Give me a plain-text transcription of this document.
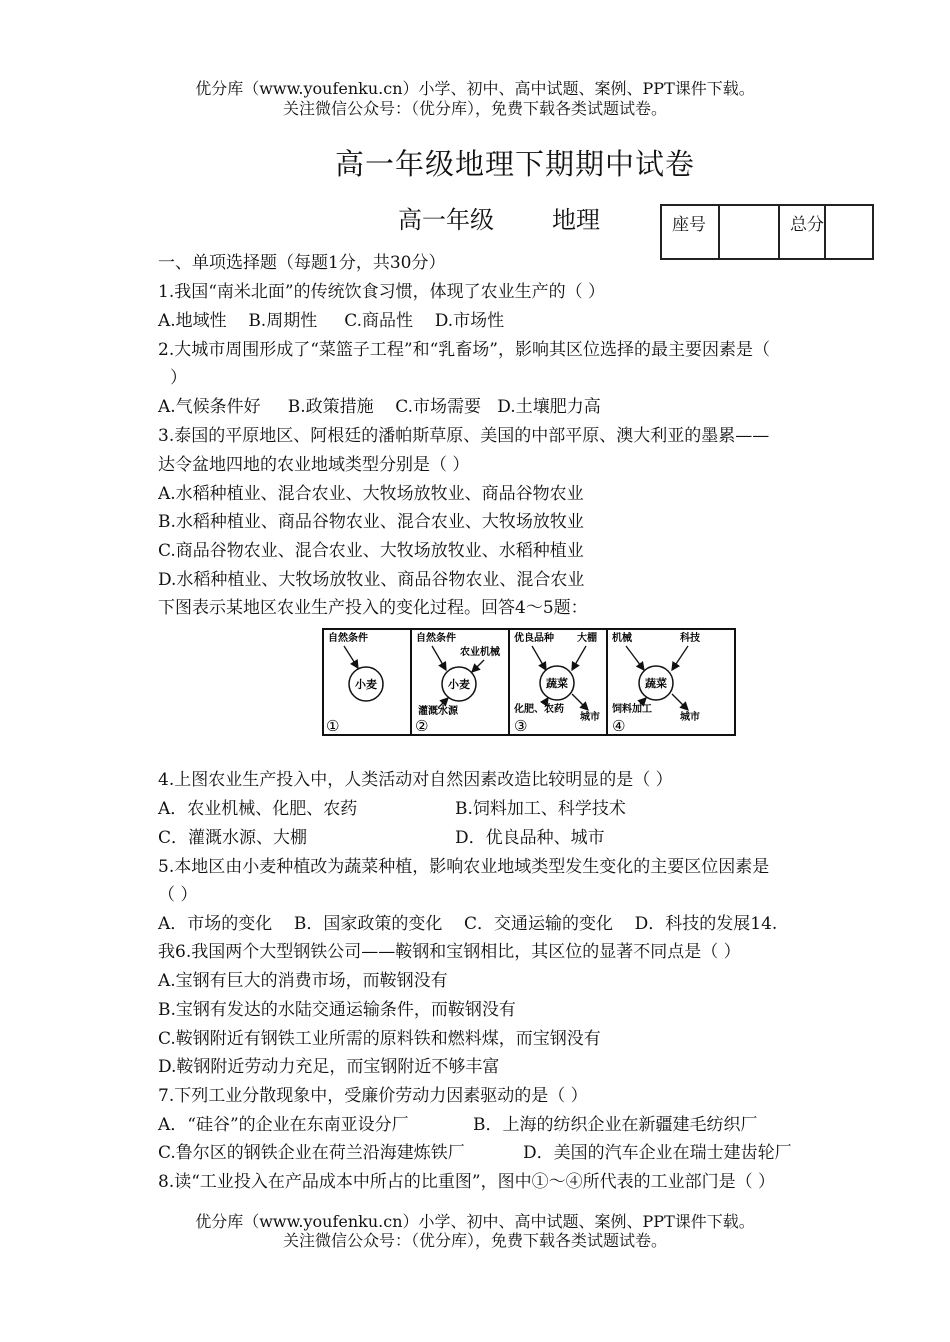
优分库（www.youfenku.cn）小学、初中、高中试题、案例、PPT课件下载。
关注微信公众号：（优分库），免费下载各类试题试卷。
高一年级地理下期期中试卷
高一年级 地理	座号		总分	
一、单项选择题（每题1分，共30分）
1.我国“南米北面”的传统饮食习惯，体现了农业生产的（ ）
A.地域性 B.周期性 C.商品性 D.市场性
2.大城市周围形成了“菜篮子工程”和“乳畜场”，影响其区位选择的最主要因素是（
）
A.气候条件好 B.政策措施 C.市场需要 D.土壤肥力高
3.泰国的平原地区、阿根廷的潘帕斯草原、美国的中部平原、澳大利亚的墨累——
达令盆地四地的农业地域类型分别是（ ）
A.水稻种植业、混合农业、大牧场放牧业、商品谷物农业
B.水稻种植业、商品谷物农业、混合农业、大牧场放牧业
C.商品谷物农业、混合农业、大牧场放牧业、水稻种植业
D.水稻种植业、大牧场放牧业、商品谷物农业、混合农业
下图表示某地区农业生产投入的变化过程。回答4～5题：
自然条件
小麦
①
自然条件
农业机械
小麦
灌溉水源
②
优良品种 大棚
蔬菜
化肥、农药
城市
③
机械	科技
蔬菜
饲料加工
城市
④
4.上图农业生产投入中，人类活动对自然因素改造比较明显的是（ ）
A．农业机械、化肥、农药	B.饲料加工、科学技术
C．灌溉水源、大棚	D．优良品种、城市
5.本地区由小麦种植改为蔬菜种植，影响农业地域类型发生变化的主要区位因素是
（ ）
A．市场的变化 B．国家政策的变化 C．交通运输的变化 D．科技的发展14.
我6.我国两个大型钢铁公司——鞍钢和宝钢相比，其区位的显著不同点是（ ）
A.宝钢有巨大的消费市场，而鞍钢没有
B.宝钢有发达的水陆交通运输条件，而鞍钢没有
C.鞍钢附近有钢铁工业所需的原料铁和燃料煤，而宝钢没有
D.鞍钢附近劳动力充足，而宝钢附近不够丰富
7.下列工业分散现象中，受廉价劳动力因素驱动的是（ ）
A．“硅谷”的企业在东南亚设分厂	B．上海的纺织企业在新疆建毛纺织厂
C.鲁尔区的钢铁企业在荷兰沿海建炼铁厂	D．美国的汽车企业在瑞士建齿轮厂
8.读“工业投入在产品成本中所占的比重图”，图中①～④所代表的工业部门是（ ）
优分库（www.youfenku.cn）小学、初中、高中试题、案例、PPT课件下载。
关注微信公众号：（优分库），免费下载各类试题试卷。
